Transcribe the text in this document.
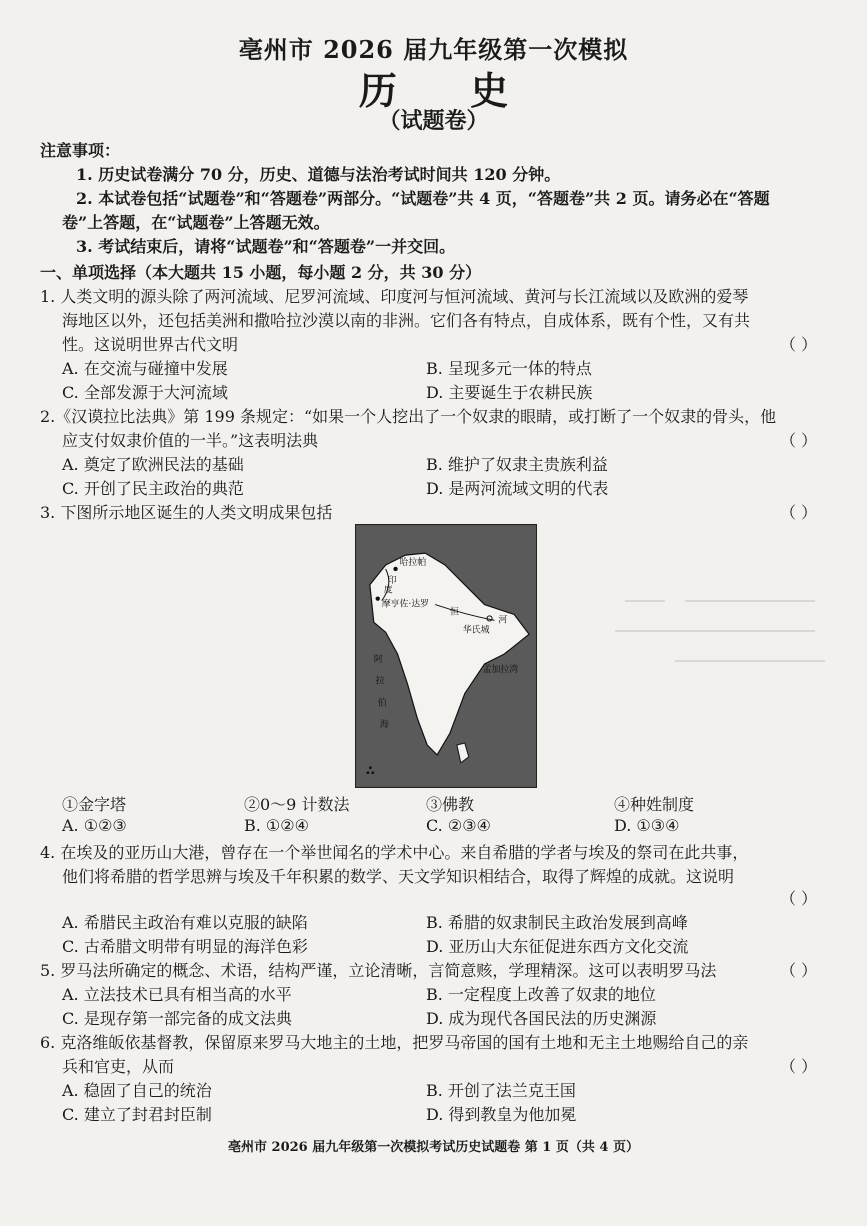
亳州市 2026 届九年级第一次模拟
历 史
（试题卷）
注意事项：
1. 历史试卷满分 70 分，历史、道德与法治考试时间共 120 分钟。
2. 本试卷包括“试题卷”和“答题卷”两部分。“试题卷”共 4 页，“答题卷”共 2 页。请务必在“答题
卷”上答题，在“试题卷”上答题无效。
3. 考试结束后，请将“试题卷”和“答题卷”一并交回。
一、单项选择（本大题共 15 小题，每小题 2 分，共 30 分）
1. 人类文明的源头除了两河流域、尼罗河流域、印度河与恒河流域、黄河与长江流域以及欧洲的爱琴
海地区以外，还包括美洲和撒哈拉沙漠以南的非洲。它们各有特点，自成体系，既有个性，又有共
性。这说明世界古代文明	（ ）
A. 在交流与碰撞中发展	B. 呈现多元一体的特点
C. 全部发源于大河流域	D. 主要诞生于农耕民族
2.《汉谟拉比法典》第 199 条规定：“如果一个人挖出了一个奴隶的眼睛，或打断了一个奴隶的骨头，他
应支付奴隶价值的一半。”这表明法典	（ ）
A. 奠定了欧洲民法的基础	B. 维护了奴隶主贵族利益
C. 开创了民主政治的典范	D. 是两河流域文明的代表
3. 下图所示地区诞生的人类文明成果包括	（ ）
哈拉帕
印
度
摩亨佐·达罗
恒
河
华氏城
阿
拉
伯
海
孟加拉湾
①金字塔	②0～9 计数法	③佛教	④种姓制度
A. ①②③	B. ①②④	C. ②③④	D. ①③④
4. 在埃及的亚历山大港，曾存在一个举世闻名的学术中心。来自希腊的学者与埃及的祭司在此共事，
他们将希腊的哲学思辨与埃及千年积累的数学、天文学知识相结合，取得了辉煌的成就。这说明
（ ）
A. 希腊民主政治有难以克服的缺陷	B. 希腊的奴隶制民主政治发展到高峰
C. 古希腊文明带有明显的海洋色彩	D. 亚历山大东征促进东西方文化交流
5. 罗马法所确定的概念、术语，结构严谨，立论清晰，言简意赅，学理精深。这可以表明罗马法	（ ）
A. 立法技术已具有相当高的水平	B. 一定程度上改善了奴隶的地位
C. 是现存第一部完备的成文法典	D. 成为现代各国民法的历史渊源
6. 克洛维皈依基督教，保留原来罗马大地主的土地，把罗马帝国的国有土地和无主土地赐给自己的亲
兵和官吏，从而	（ ）
A. 稳固了自己的统治	B. 开创了法兰克王国
C. 建立了封君封臣制	D. 得到教皇为他加冕
亳州市 2026 届九年级第一次模拟考试历史试题卷 第 1 页（共 4 页）
